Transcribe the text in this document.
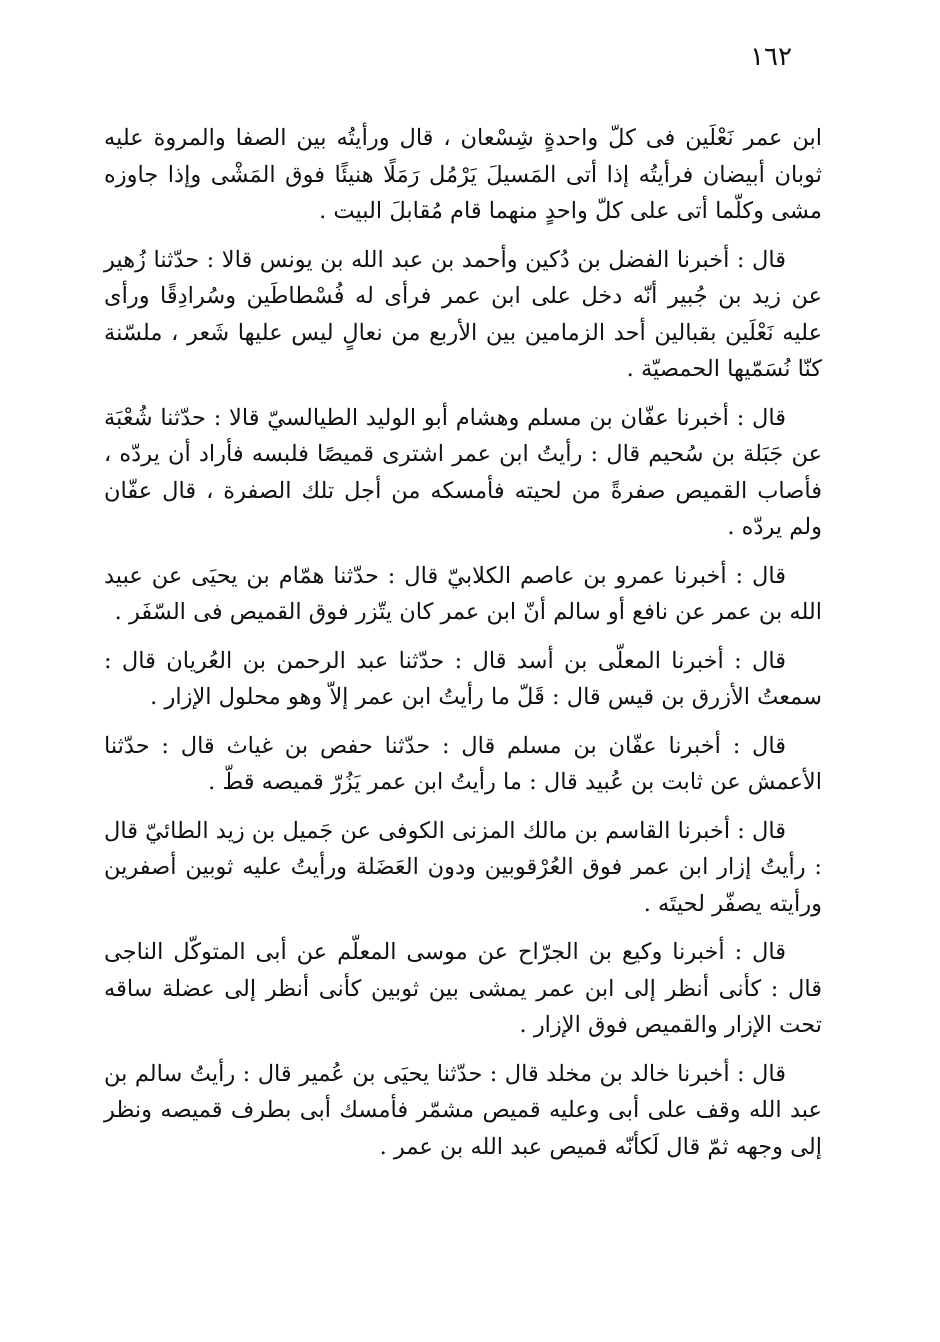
١٦٢

ابن عمر نَعْلَين فى كلّ واحدةٍ شِسْعان ، قال ورأيتُه بين الصفا والمروة عليه ثوبان أبيضان فرأيتُه إذا أتى المَسيلَ يَرْمُل رَمَلًا هنيئًا فوق المَشْى وإذا جاوزه مشى وكلّما أتى على كلّ واحدٍ منهما قام مُقابلَ البيت .

قال : أخبرنا الفضل بن دُكين وأحمد بن عبد الله بن يونس قالا : حدّثنا زُهير عن زيد بن جُبير أنّه دخل على ابن عمر فرأى له فُسْطاطَين وسُرادِقًا ورأى عليه نَعْلَين بقبالين أحد الزمامين بين الأربع من نعالٍ ليس عليها شَعر ، ملسّنة كنّا نُسَمّيها الحمصيّة .

قال : أخبرنا عفّان بن مسلم وهشام أبو الوليد الطيالسيّ قالا : حدّثنا شُعْبَة عن جَبَلة بن سُحيم قال : رأيتُ ابن عمر اشترى قميصًا فلبسه فأراد أن يردّه ، فأصاب القميص صفرةً من لحيته فأمسكه من أجل تلك الصفرة ، قال عفّان ولم يردّه .

قال : أخبرنا عمرو بن عاصم الكلابيّ قال : حدّثنا همّام بن يحيَى عن عبيد الله بن عمر عن نافع أو سالم أنّ ابن عمر كان يتّزر فوق القميص فى السّفَر .

قال : أخبرنا المعلّى بن أسد قال : حدّثنا عبد الرحمن بن العُريان قال : سمعتُ الأزرق بن قيس قال : قَلّ ما رأيتُ ابن عمر إلاّ وهو محلول الإزار .

قال : أخبرنا عفّان بن مسلم قال : حدّثنا حفص بن غياث قال : حدّثنا الأعمش عن ثابت بن عُبيد قال : ما رأيتُ ابن عمر يَزُرّ قميصه قطّ .

قال : أخبرنا القاسم بن مالك المزنى الكوفى عن جَميل بن زيد الطائيّ قال : رأيتُ إزار ابن عمر فوق العُرْقوبين ودون العَضَلة ورأيتُ عليه ثوبين أصفرين ورأيته يصفّر لحيتَه .

قال : أخبرنا وكيع بن الجرّاح عن موسى المعلّم عن أبى المتوكّل الناجى قال : كأنى أنظر إلى ابن عمر يمشى بين ثوبين كأنى أنظر إلى عضلة ساقه تحت الإزار والقميص فوق الإزار .

قال : أخبرنا خالد بن مخلد قال : حدّثنا يحيَى بن عُمير قال : رأيتُ سالم بن عبد الله وقف على أبى وعليه قميص مشمّر فأمسك أبى بطرف قميصه ونظر إلى وجهه ثمّ قال لَكأنّه قميص عبد الله بن عمر .
